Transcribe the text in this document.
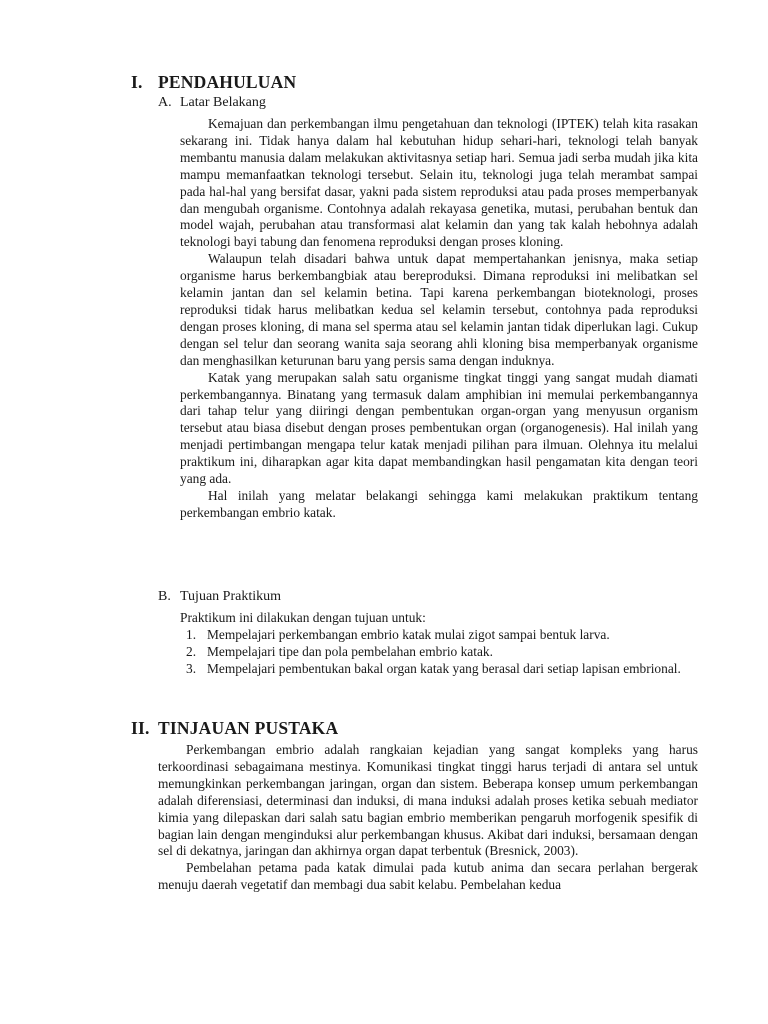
I. PENDAHULUAN
A. Latar Belakang

Kemajuan dan perkembangan ilmu pengetahuan dan teknologi (IPTEK) telah kita rasakan sekarang ini. Tidak hanya dalam hal kebutuhan hidup sehari-hari, teknologi telah banyak membantu manusia dalam melakukan aktivitasnya setiap hari. Semua jadi serba mudah jika kita mampu memanfaatkan teknologi tersebut. Selain itu, teknologi juga telah merambat sampai pada hal-hal yang bersifat dasar, yakni pada sistem reproduksi atau pada proses memperbanyak dan mengubah organisme. Contohnya adalah rekayasa genetika, mutasi, perubahan bentuk dan model wajah, perubahan atau transformasi alat kelamin dan yang tak kalah hebohnya adalah teknologi bayi tabung dan fenomena reproduksi dengan proses kloning.

Walaupun telah disadari bahwa untuk dapat mempertahankan jenisnya, maka setiap organisme harus berkembangbiak atau bereproduksi. Dimana reproduksi ini melibatkan sel kelamin jantan dan sel kelamin betina. Tapi karena perkembangan bioteknologi, proses reproduksi tidak harus melibatkan kedua sel kelamin tersebut, contohnya pada reproduksi dengan proses kloning, di mana sel sperma atau sel kelamin jantan tidak diperlukan lagi. Cukup dengan sel telur dan seorang wanita saja seorang ahli kloning bisa memperbanyak organisme dan menghasilkan keturunan baru yang persis sama dengan induknya.

Katak yang merupakan salah satu organisme tingkat tinggi yang sangat mudah diamati perkembangannya. Binatang yang termasuk dalam amphibian ini memulai perkembangannya dari tahap telur yang diiringi dengan pembentukan organ-organ yang menyusun organism tersebut atau biasa disebut dengan proses pembentukan organ (organogenesis). Hal inilah yang menjadi pertimbangan mengapa telur katak menjadi pilihan para ilmuan. Olehnya itu melalui praktikum ini, diharapkan agar kita dapat membandingkan hasil pengamatan kita dengan teori yang ada.

Hal inilah yang melatar belakangi sehingga kami melakukan praktikum tentang perkembangan embrio katak.

B. Tujuan Praktikum
Praktikum ini dilakukan dengan tujuan untuk:
1. Mempelajari perkembangan embrio katak mulai zigot sampai bentuk larva.
2. Mempelajari tipe dan pola pembelahan embrio katak.
3. Mempelajari pembentukan bakal organ katak yang berasal dari setiap lapisan embrional.
II. TINJAUAN PUSTAKA

Perkembangan embrio adalah rangkaian kejadian yang sangat kompleks yang harus terkoordinasi sebagaimana mestinya. Komunikasi tingkat tinggi harus terjadi di antara sel untuk memungkinkan perkembangan jaringan, organ dan sistem. Beberapa konsep umum perkembangan adalah diferensiasi, determinasi dan induksi, di mana induksi adalah proses ketika sebuah mediator kimia yang dilepaskan dari salah satu bagian embrio memberikan pengaruh morfogenik spesifik di bagian lain dengan menginduksi alur perkembangan khusus. Akibat dari induksi, bersamaan dengan sel di dekatnya, jaringan dan akhirnya organ dapat terbentuk (Bresnick, 2003).

Pembelahan petama pada katak dimulai pada kutub anima dan secara perlahan bergerak menuju daerah vegetatif dan membagi dua sabit kelabu. Pembelahan kedua
